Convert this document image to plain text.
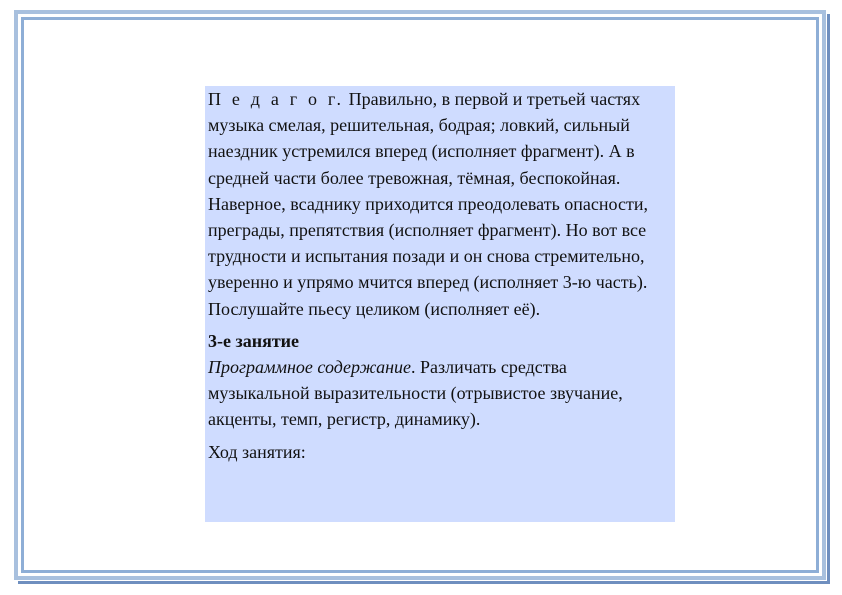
П е д а г о г. Правильно, в первой и третьей частях музыка смелая, решительная, бодрая; ловкий, сильный наездник устремился вперед (исполняет фрагмент). А в средней части более тревожная, тёмная, беспокойная. Наверное, всаднику приходится преодолевать опасности, преграды, препятствия (исполняет фрагмент). Но вот все трудности и испытания позади и он снова стремительно, уверенно и упрямо мчится вперед (исполняет 3-ю часть). Послушайте пьесу целиком (исполняет её).

3-е занятие

Программное содержание. Различать средства музыкальной выразительности (отрывистое звучание, акценты, темп, регистр, динамику).

Ход занятия:
